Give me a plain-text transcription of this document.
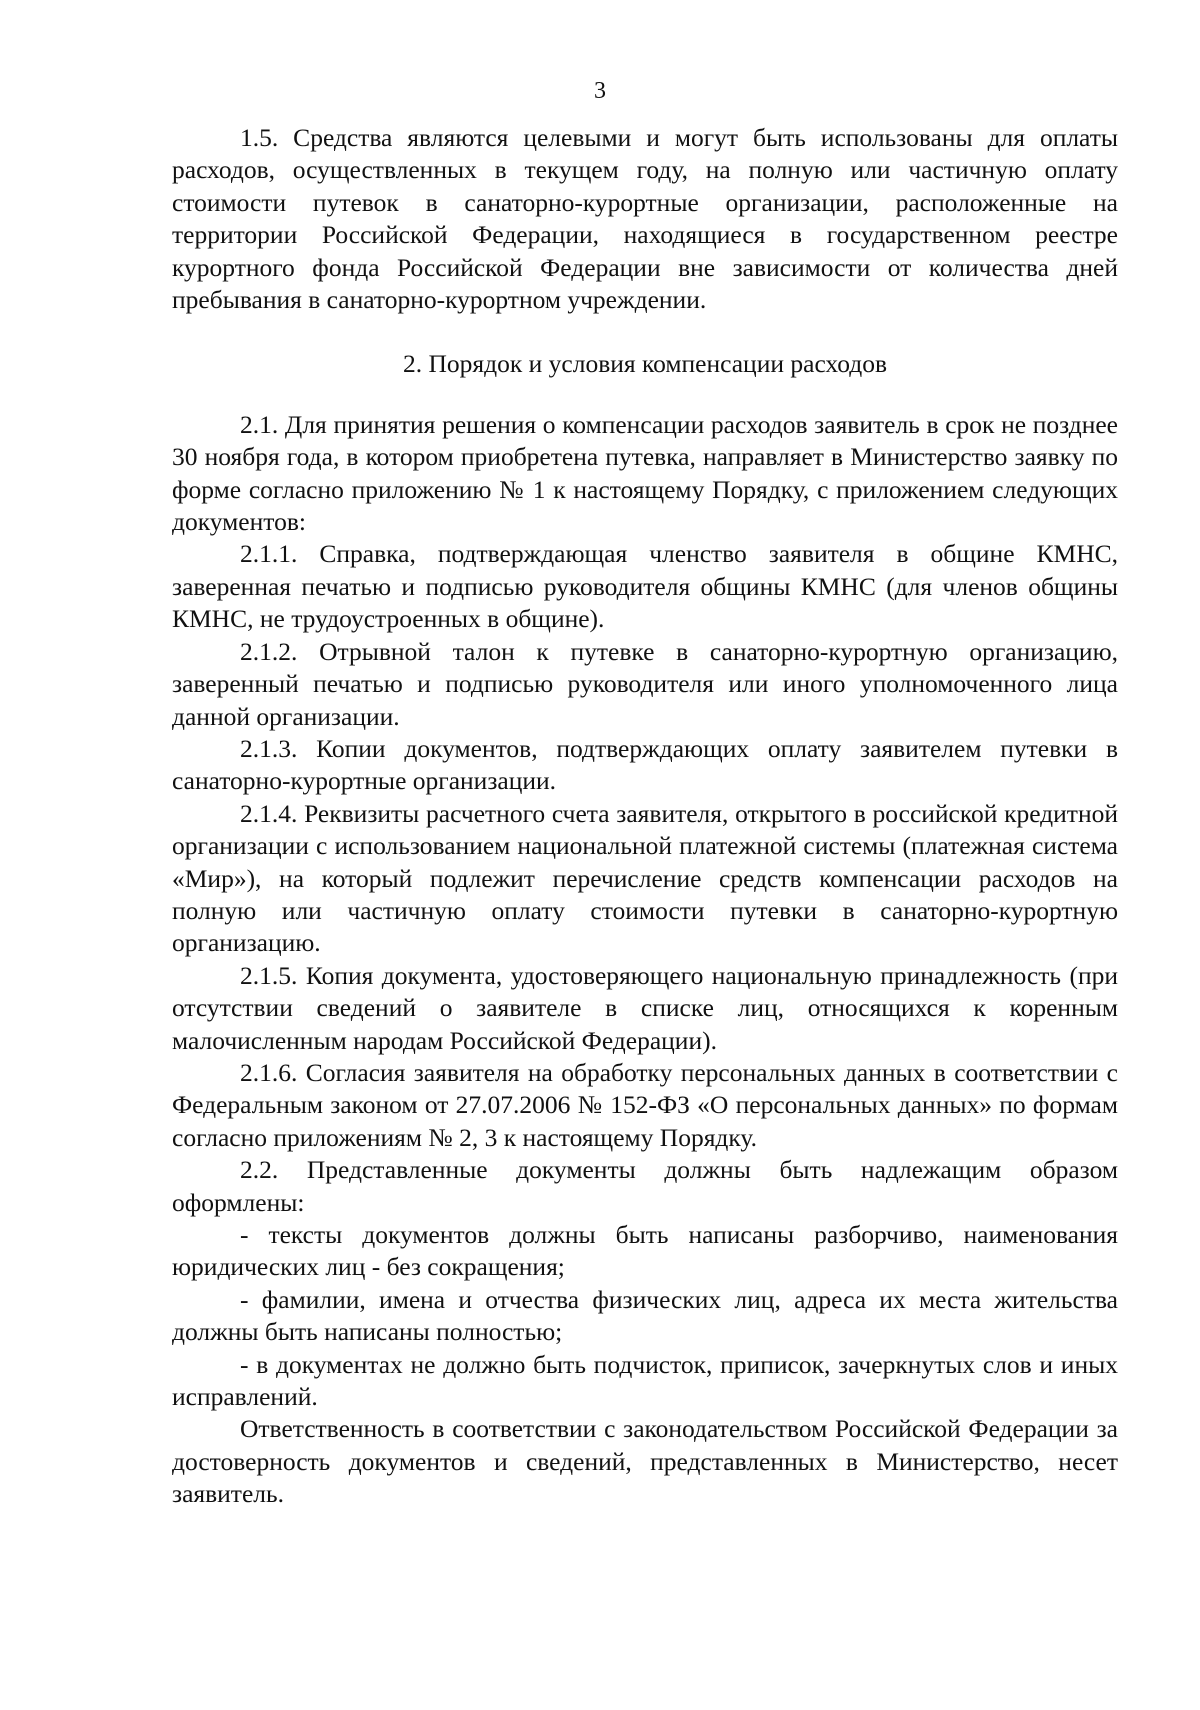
3

1.5. Средства являются целевыми и могут быть использованы для оплаты расходов, осуществленных в текущем году, на полную или частичную оплату стоимости путевок в санаторно-курортные организации, расположенные на территории Российской Федерации, находящиеся в государственном реестре курортного фонда Российской Федерации вне зависимости от количества дней пребывания в санаторно-курортном учреждении.

2. Порядок и условия компенсации расходов

2.1. Для принятия решения о компенсации расходов заявитель в срок не позднее 30 ноября года, в котором приобретена путевка, направляет в Министерство заявку по форме согласно приложению № 1 к настоящему Порядку, с приложением следующих документов:

2.1.1. Справка, подтверждающая членство заявителя в общине КМНС, заверенная печатью и подписью руководителя общины КМНС (для членов общины КМНС, не трудоустроенных в общине).

2.1.2. Отрывной талон к путевке в санаторно-курортную организацию, заверенный печатью и подписью руководителя или иного уполномоченного лица данной организации.

2.1.3. Копии документов, подтверждающих оплату заявителем путевки в санаторно-курортные организации.

2.1.4. Реквизиты расчетного счета заявителя, открытого в российской кредитной организации с использованием национальной платежной системы (платежная система «Мир»), на который подлежит перечисление средств компенсации расходов на полную или частичную оплату стоимости путевки в санаторно-курортную организацию.

2.1.5. Копия документа, удостоверяющего национальную принадлежность (при отсутствии сведений о заявителе в списке лиц, относящихся к коренным малочисленным народам Российской Федерации).

2.1.6. Согласия заявителя на обработку персональных данных в соответствии с Федеральным законом от 27.07.2006 № 152-ФЗ «О персональных данных» по формам согласно приложениям № 2, 3 к настоящему Порядку.

2.2. Представленные документы должны быть надлежащим образом оформлены:

- тексты документов должны быть написаны разборчиво, наименования юридических лиц - без сокращения;

- фамилии, имена и отчества физических лиц, адреса их места жительства должны быть написаны полностью;

- в документах не должно быть подчисток, приписок, зачеркнутых слов и иных исправлений.

Ответственность в соответствии с законодательством Российской Федерации за достоверность документов и сведений, представленных в Министерство, несет заявитель.
